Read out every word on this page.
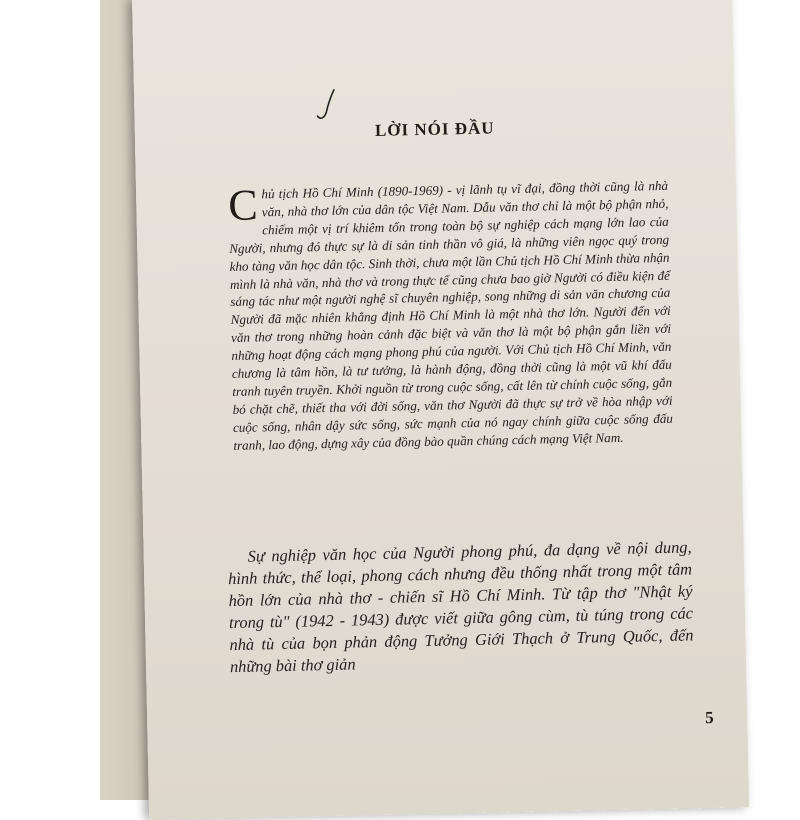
LỜI NÓI ĐẦU

Chủ tịch Hồ Chí Minh (1890-1969) - vị lãnh tụ vĩ đại, đồng thời cũng là nhà văn, nhà thơ lớn của dân tộc Việt Nam. Dẫu văn thơ chỉ là một bộ phận nhỏ, chiếm một vị trí khiêm tốn trong toàn bộ sự nghiệp cách mạng lớn lao của Người, nhưng đó thực sự là di sản tinh thần vô giá, là những viên ngọc quý trong kho tàng văn học dân tộc. Sinh thời, chưa một lần Chủ tịch Hồ Chí Minh thừa nhận mình là nhà văn, nhà thơ và trong thực tế cũng chưa bao giờ Người có điều kiện để sáng tác như một người nghệ sĩ chuyên nghiệp, song những di sản văn chương của Người đã mặc nhiên khẳng định Hồ Chí Minh là một nhà thơ lớn. Người đến với văn thơ trong những hoàn cảnh đặc biệt và văn thơ là một bộ phận gắn liền với những hoạt động cách mạng phong phú của người. Với Chủ tịch Hồ Chí Minh, văn chương là tâm hồn, là tư tưởng, là hành động, đồng thời cũng là một vũ khí đấu tranh tuyên truyền. Khởi nguồn từ trong cuộc sống, cất lên từ chính cuộc sống, gắn bó chặt chẽ, thiết tha với đời sống, văn thơ Người đã thực sự trở về hòa nhập với cuộc sống, nhân dậy sức sống, sức mạnh của nó ngay chính giữa cuộc sống đấu tranh, lao động, dựng xây của đồng bào quần chúng cách mạng Việt Nam.

Sự nghiệp văn học của Người phong phú, đa dạng về nội dung, hình thức, thể loại, phong cách nhưng đều thống nhất trong một tâm hồn lớn của nhà thơ - chiến sĩ Hồ Chí Minh. Từ tập thơ "Nhật ký trong tù" (1942 - 1943) được viết giữa gông cùm, tù túng trong các nhà tù của bọn phản động Tưởng Giới Thạch ở Trung Quốc, đến những bài thơ giản

5
